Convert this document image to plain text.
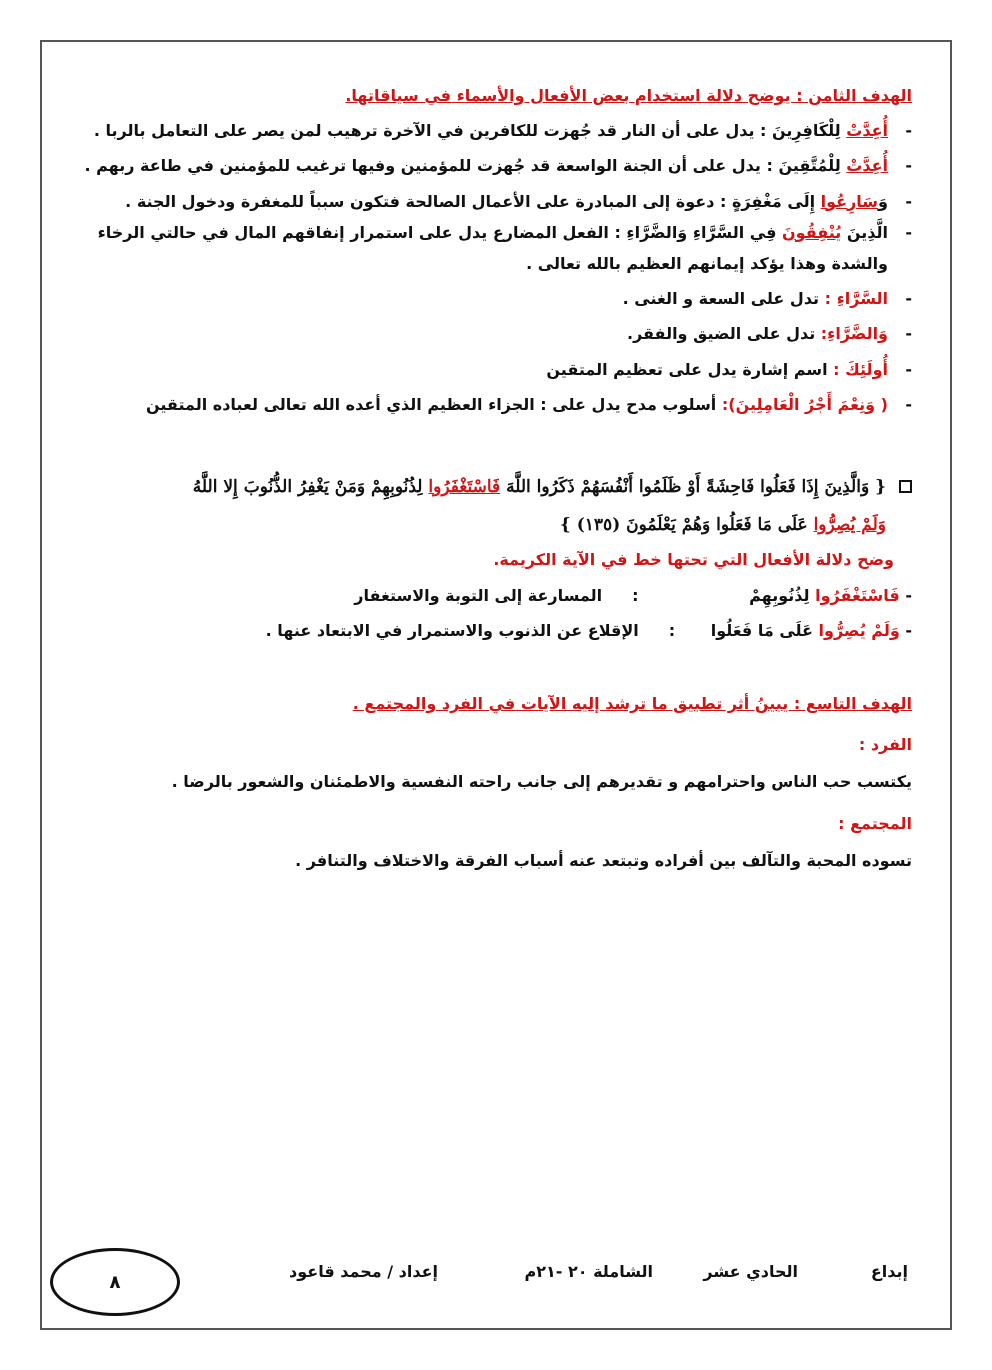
الهدف الثامن : يوضح دلالة استخدام بعض الأفعال والأسماء في سياقاتها.
-
أُعِدَّتْ لِلْكَافِرِينَ : يدل على أن النار قد جُهزت للكافرين في الآخرة ترهيب لمن يصر على التعامل بالربا .
-
أُعِدَّتْ لِلْمُتَّقِينَ : يدل على أن الجنة الواسعة قد جُهزت للمؤمنين وفيها ترغيب للمؤمنين في طاعة ربهم .
-
وَسَارِعُوا إِلَى مَغْفِرَةٍ : دعوة إلى المبادرة على الأعمال الصالحة فتكون سبباً للمغفرة ودخول الجنة .
-
الَّذِينَ يُنْفِقُونَ فِي السَّرَّاءِ وَالضَّرَّاءِ : الفعل المضارع يدل على استمرار إنفاقهم المال في حالتي الرخاء والشدة وهذا يؤكد إيمانهم العظيم بالله تعالى .
-
السَّرَّاءِ : تدل على السعة و الغنى .
-
وَالضَّرَّاءِ: تدل على الضيق والفقر.
-
أُولَئِكَ : اسم إشارة يدل على تعظيم المتقين
-
( وَنِعْمَ أَجْرُ الْعَامِلِينَ): أسلوب مدح يدل على : الجزاء العظيم الذي أعده الله تعالى لعباده المتقين
{ وَالَّذِينَ إِذَا فَعَلُوا فَاحِشَةً أَوْ ظَلَمُوا أَنْفُسَهُمْ ذَكَرُوا اللَّهَ فَاسْتَغْفَرُوا لِذُنُوبِهِمْ وَمَنْ يَغْفِرُ الذُّنُوبَ إِلا اللَّهُ
وَلَمْ يُصِرُّوا عَلَى مَا فَعَلُوا وَهُمْ يَعْلَمُونَ (١٣٥) }
وضح دلالة الأفعال التي تحتها خط في الآية الكريمة.
- فَاسْتَغْفَرُوا لِذُنُوبِهِمْ :المسارعة إلى التوبة والاستغفار
- وَلَمْ يُصِرُّوا عَلَى مَا فَعَلُوا :الإقلاع عن الذنوب والاستمرار في الابتعاد عنها .
الهدف التاسع : يبينُ أثر تطبيق ما ترشد إليه الآيات في الفرد والمجتمع .
الفرد :
يكتسب حب الناس واحترامهم و تقديرهم إلى جانب راحته النفسية والاطمئنان والشعور بالرضا .
المجتمع :
تسوده المحبة والتآلف بين أفراده وتبتعد عنه أسباب الفرقة والاختلاف والتنافر .
إبداع
الحادي عشر
الشاملة ٢٠ -٢١م
إعداد / محمد قاعود
٨
